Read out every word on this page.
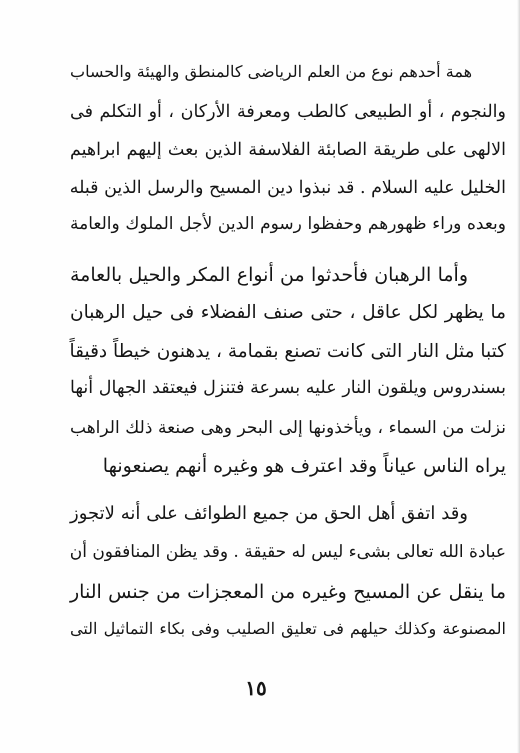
همة أحدهم نوع من العلم الرياضى كالمنطق والهيئة والحساب
والنجوم ، أو الطبيعى كالطب ومعرفة الأركان ، أو التكلم فى
الالهى على طريقة الصابئة الفلاسفة الذين بعث إليهم ابراهيم
الخليل عليه السلام . قد نبذوا دين المسيح والرسل الذين قبله
وبعده وراء ظهورهم وحفظوا رسوم الدين لأجل الملوك والعامة
وأما الرهبان فأحدثوا من أنواع المكر والحيل بالعامة
ما يظهر لكل عاقل ، حتى صنف الفضلاء فى حيل الرهبان
كتبا مثل النار التى كانت تصنع بقمامة ، يدهنون خيطاً دقيقاً
بسندروس ويلقون النار عليه بسرعة فتنزل فيعتقد الجهال أنها
نزلت من السماء ، ويأخذونها إلى البحر وهى صنعة ذلك الراهب
يراه الناس عياناً وقد اعترف هو وغيره أنهم يصنعونها
وقد اتفق أهل الحق من جميع الطوائف على أنه لاتجوز
عبادة الله تعالى بشىء ليس له حقيقة . وقد يظن المنافقون أن
ما ينقل عن المسيح وغيره من المعجزات من جنس النار
المصنوعة وكذلك حيلهم فى تعليق الصليب وفى بكاء التماثيل التى
١٥
